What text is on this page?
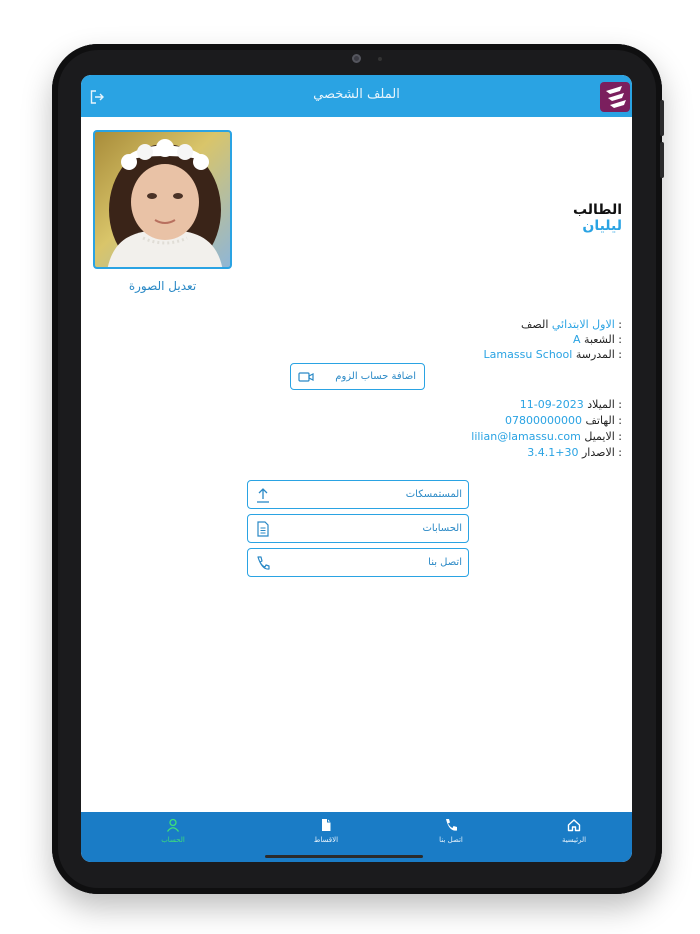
الملف الشخصي
تعديل الصورة
الطالب
ليليان
الاول الابتدائي الصف :
A الشعبة :
Lamassu School المدرسة :
اضافة حساب الزوم
11-09-2023 الميلاد :
07800000000 الهاتف :
lilian@lamassu.com الايميل :
3.4.1+30 الاصدار :
المستمسكات
الحسابات
اتصل بنا
الحساب	الاقساط	اتصل بنا	الرئيسية
